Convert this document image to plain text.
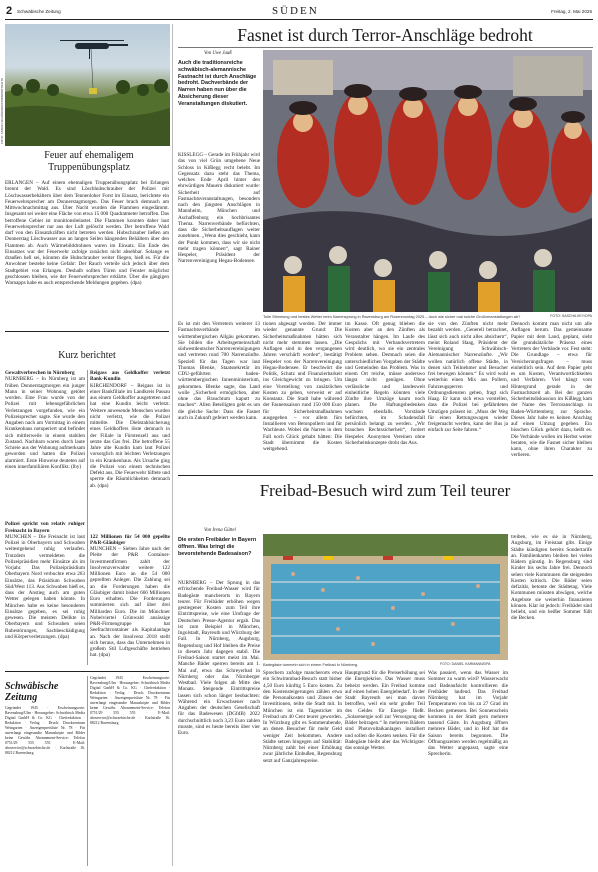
2 Schwäbische Zeitung	SÜDEN	Freitag, 2. Mai 2025
FOTO: FABIAN SCHÖNDIENST/BWPORTRAITS
Feuer auf ehemaligem Truppenübungsplatz
ERLANGEN – Auf einem ehemaligen Truppenübungsplatz bei Erlangen brennt der Wald. Es sind Löschhubschrauber der Polizei mit Löschwasserbehältern über dem Tennenloher Forst im Einsatz, berichtete ein Feuerwehrsprecher am Donnerstagmorgen. Das Feuer brach demnach am Mittwochnachmittag aus. Über Nacht wurden die Flammen eingedämmt. Insgesamt sei weiter eine Fläche von etwa 15 000 Quadratmeter betroffen. Das betroffene Gebiet ist munitionsbelastet. Die Flammen konnten daher laut Feuerwehrsprecher nur aus der Luft gelöscht werden. Der betroffene Wald darf von den Einsatzkräften nicht betreten werden. Hubschrauber ließen am Donnerstag Löschwasser aus an langen Seilen hängenden Behältern über den Flammen ab. Auch Wärmebilddrohnen waren im Einsatz. Ein Ende des Einsatzes war der Feuerwehr zufolge zunächst nicht absehbar. Solange es draußen hell sei, könnten die Hubschrauber weiter fliegen, hieß es. Für die Anwohner bestehe keine Gefahr: Der Rauch verteile sich jedoch über dem Stadtgebiet von Erlangen. Deshalb sollten Türen und Fenster möglichst geschlossen bleiben, wie der Feuerwehrsprecher erklärte. Über die gängigen Warnapps habe es auch entsprechende Meldungen gegeben. (dpa)
Kurz berichtet
Gewaltverbrechen in Nürnberg
NÜRNBERG – In Nürnberg ist am frühen Donnerstagmorgen ein junger Mann in seiner Wohnung getötet worden. Eine Frau wurde von der Polizei mit lebensgefährlichen Verletzungen vorgefunden, wie ein Polizeisprecher sagte. Sie wurde den Angaben nach am Vormittag in einem Krankenhaus notoperiert und befindet sich mittlerweile in einem stabilen Zustand. Nachbarn waren durch laute Schreie aus der Wohnung aufmerksam geworden und hatten die Polizei alarmiert. Erste Hinweise deuteten auf einen innerfamiliären Konflikt. (lby)
Polizei spricht von relativ ruhiger Freinacht in Bayern
MÜNCHEN – Die Freinacht ist laut Polizei in Oberbayern und Schwaben weitestgehend ruhig verlaufen. Trotzdem vermeldeten die Polizeipräsidien mehr Einsätze als im Vorjahr. Das Polizeipräsidium Oberbayern Nord verbuchte etwa 263 Einsätze, das Präsidium Schwaben Süd/West 113. Aus Schwaben hieß es, dass der Anstieg auch am guten Wetter gelegen haben könnte. In München habe es keine besonderen Einsätze gegeben, es sei ruhig gewesen. Die meisten Delikte in Oberbayern und Schwaben seien Ruhestörungen, Sachbeschädigung und Körperverletzungen. (dpa)
Reigass aus Geldkoffer verletzt Bank-Kundin
KIRCHENDORF – Reigass ist in einer Bankfiliale im Landkreis Passau aus einem Geldkoffer ausgetreten und hat eine Kundin leicht verletzt. Weitere anwesende Menschen wurden nicht verletzt, wie die Polizei mitteilte. Die Diebstahlsicherung eines Geldkoffers löste demnach in der Filiale in Fürstenzell aus und setzte das Gas frei. Die betroffene 55 Jahre alte Kundin kam laut Polizei vorsorglich mit leichten Verletzungen in ein Krankenhaus. Als Ursache ging die Polizei von einem technischen Defekt aus. Die Feuerwehr lüftete und sperrte die Räumlichkeiten demnach ab. (dpa)
122 Millionen für 54 000 gepellte P&R-Gläubiger
MÜNCHEN – Sieben Jahre nach der Pleite der P&R Container-Investmentfirmen zahlt der Insolvenzverwalter weitere 122 Millionen Euro an die 54 000 geprellten Anleger. Die Zahlung sei an die Forderungen haben die Gläubiger damit bisher 666 Millionen Euro erhalten. Die Forderungen summierten sich auf über drei Milliarden Euro. Die im Münchner Nobelviertel Grünwald ansässige P&R-Firmengruppe hat Seefrachtcontainer als Kapitalanlage an. Nach der Insolvenz 2018 stellt sich heraus, dass das Unternehmen in großem Stil Luftgeschäfte betrieben hat. (dpa)
Schwäbische Zeitung
Gegründet 1945 · Erscheinungsorte: Ravensburg/Ulm · Herausgeber: Schwäbisch Media Digital GmbH & Co. KG · Chefredaktion · Redaktion · Verlag · Druck: Druckzentrum Weingarten · Anzeigenpreisliste Nr. 78 · Für unverlangt eingesandte Manuskripte und Bilder keine Gewähr. Abonnement-Service: Telefon 0751/29 555 555 · E-Mail: aboservice@schwaebische.de · Karlstraße 16, 88212 Ravensburg
Gegründet 1945 · Erscheinungsorte: Ravensburg/Ulm · Herausgeber: Schwäbisch Media Digital GmbH & Co. KG · Chefredaktion · Redaktion · Verlag · Druck: Druckzentrum Weingarten · Anzeigenpreisliste Nr. 78 · Für unverlangt eingesandte Manuskripte und Bilder keine Gewähr. Abonnement-Service: Telefon 0751/29 555 555 · E-Mail: aboservice@schwaebische.de · Karlstraße 16, 88212 Ravensburg
Fasnet ist durch Terror-Anschläge bedroht
Von Uwe Jauß
Auch die traditionsreiche schwäbisch-alemannische Fastnacht ist durch Anschläge bedroht. Dachverbände der Narren haben nun über die Absicherung dieser Veranstaltungen diskutiert.
KISSLEGG – Gerade im Frühjahr wird das von viel Grün umgebene Neue Schloss in Kißlegg recht belebt. Im Gegensatz dazu steht das Thema, welches Ende April hinter den ehrwürdigen Mauern diskutiert wurde: Sicherheit auf Fastnachtsveranstaltungen, besonders nach den jüngsten Anschlägen in Mannheim, München und Aschaffenburg ein hochbrisantes Thema. Narrenverbände befürchten, dass die Sicherheitsauflagen weiter zunehmen. „Wenn dies geschieht, kann der Punkt kommen, dass wir sie nicht mehr tragen können“, sagt Rainer Hespeler, Präsident der Narrenvereinigung Hegau-Bodensee.
Tolle Stimmung und bestes Wetter beim Narrensprung in Ravensburg am Rosenmontag 2025 – doch wie sicher mal solche Großveranstaltungen ab?	FOTO: SASCHA KEY/DPA
Es ist mit den Vertretern weiterer 13 Fastnachtsverbände im württembergischen Allgäu gekommen. Sie bilden die Arbeitsgemeinschaft südwestdeutscher Narrenvereinigungen und vertreten rund 700 Narrenzünfte. Speziell für das Tagen war laut Thomas Blenke, Staatssekretär im CDU-geführten baden-württembergischen Innenministerium, gekommen. Blenke sagte, das Land wolle „Sicherheit ermöglichen, aber ohne das Brauchtum kaputt zu machen“. Allen Beteiligten geht es um die gleiche Sache: Dass die Fasnet auch in Zukunft gefeiert werden kann.
tionen abgesagt worden. Der immer wieder genannte Grund: Die Sicherheitsmaßnahmen hätten sich nicht mehr stemmen lassen. „Die Auflagen sind in den vergangenen Jahren verschärft worden“, bestätigt Hespeler von der Narrenvereinigung Hegau-Bodensee. Er beschwört die Politik, Schutz und Finanzierbarkeit ins Gleichgewicht zu bringen. Um eine Vorstellung von zusätzlichen Kosten zu geben, verweist er auf Konstanz. Die Stadt habe während der Fasnetssaison rund 150 000 Euro für Sicherheitsmaßnahmen ausgegeben – vor allem fürs Installieren von Betonpollern und für Wachleute. Wobei die Narren in dem Fall noch Glück gehabt hätten: Die Stadt übernimmt die Kosten weitgehend.
im Kasse. Oft genug blieben die Kosten aber an den Zünften als Veranstalter hängen. Im Laufe des Gesprächs mit Verbandsvertretern wird deutlich, wo sie ein zentrales Problem sehen. Demnach seien die unterschiedlichen Vorgaben der Städte und Gemeinden das Problem. Was in einem Ort reiche, müsse anderswo längst nicht genügen. Ohne verlässliche und landesweit einheitliche Regeln könnten viele Zünfte ihre Umzüge kaum noch planen. Die Haftungsbedenken wachsen ebenfalls. Vorstände befürchten, im Schadensfall persönlich belangt zu werden. „Wir brauchen Rechtssicherheit“, fordert Hespeler. Anonymen Vereinen ohne Sicherheitskonzepte droht das Aus.
sie von den Zünften nicht mehr bezahlt werden. „Generell betrachtet, lässt sich auch nicht alles absichern“, meint Roland Haag, Präsident der Vereinigung Schwäbisch-Alemannischer Narrenzünfte. „Wir wollen natürlich offene Städte, in denen sich Teilnehmer und Besucher frei bewegen können.“ Es wird wohl weiterhin einen Mix aus Pollern, Fahrzeugsperren und Ordnungsdiensten geben, fragt sich Haag. Er kann sich etwa vorstellen, dass die Polizei bei gefährdeten Umzügen präsent ist. „Muss der Weg für einen Rettungswagen wieder freigemacht werden, kann der Bus ja einfach zur Seite fahren.“
Dennoch kommt man nicht um alle Auflagen herum. Das gemeinsame Papier mit dem Land, geplant, sieht die grundsätzliche Präsenz eines Vertreters der Verbände vor. Fest steht: Die Grundlage – etwa für Versicherungsfragen – muss einheitlich sein. Auf dem Papier geht es um Kosten, Verantwortlichkeiten und Verfahren. Viel hängt vom Hintergrund gerade in der Fastnachtszeit ab. Bei der ganzen Sicherheitsdiskussion im Kißlegg kam der Name des Terroranschlags in Baden-Württemberg zur Sprache. Dieses Jahr habe es keinen Anschlag auf einen Umzug gegeben. Ein bisschen Glück gehört dazu, heißt es. Die Verbände wollen im Herbst weiter beraten, wie die Fasnet sicher bleiben kann, ohne ihren Charakter zu verlieren.
Freibad-Besuch wird zum Teil teurer
Von Irena Güttel
Die ersten Freibäder in Bayern öffnen. Was bringt die bevorstehende Badesaison?
NÜRNBERG – Der Sprung in das erfrischende Freibad-Wasser wird für Badegäste mancherorts in Bayern teurer. Für Freibäder erhöhen wegen gestiegener Kosten zum Teil ihre Eintrittspreise, wie eine Umfrage der Deutschen Presse-Agentur ergab. Das ist zum Beispiel in München, Ingolstadt, Bayreuth und Würzburg der Fall. In Nürnberg, Augsburg, Regensburg und Hof bleiben die Preise in diesem Jahr dagegen stabil. Die Freibad-Saison startet meist im Mai. Manche Bäder sperren bereits am 1. Mai auf, etwa das Schreyerbad in Nürnberg oder das Nürnberger Westbad. Viele folgen ab Mitte des Monats. Steigende Eintrittspreise lassen sich schon länger beobachten: Während ein Erwachsener nach Angaben der deutschen Gesellschaft für das Badewesen (DGfdB) 2022 durchschnittlich noch 3,23 Euro zahlen musste, sind es heute bereits über vier Euro.
Badegäste tummeln sich in einem Freibad in Nürnberg.	FOTO: DANIEL KARMANN/DPA
Sprechern zufolge mancherorts etwa ein Schwimmbad-Besuch statt bisher 4,50 Euro künftig 5 Euro kosten. Zu den Kostensteigerungen zählen etwa die Personalkosten und Zinsen der Investitionen, teilte die Stadt mit. In München ist ein Tagesticket im Freibad um 40 Cent teurer geworden. In Würzburg gibt es Sommerabende, an denen Besucher für mehr Geld weniger Zeit bekommen. Andere Städte setzen hingegen auf Stabilität: Nürnberg zahlt bei einer Erhöhung zwar jährliche Einbußen, Regensburg setzt auf Ganzjahrespreise.
Hauptgrund für die Preiserhöhung sei die Energiekrise. Das Wasser muss beheizt werden. Ein Freibad komme auf einen hohen Energiebedarf. In der Stadt Bayreuth sei man davon betroffen, weil ein sehr großer Teil des Geldes für Energie fließt. „Solarenergie soll zur Versorgung der Bäder beitragen.“ In mehreren Bädern sind Photovoltaikanlagen installiert und sollen die Kosten senken. Für die Badegäste bleibt aber das Wichtigste: das sonnige Wetter.
Was passiert, wenn das Wasser im Sommer zu warm wird? Wasserwacht und Badeaufsicht kontrollieren die Freibäder laufend. Das Freibad Nürnberg hat im Vorjahr Temperaturen von bis zu 27 Grad im Becken gemessen. Bei Sonnenschein kommen in der Stadt gern mehrere tausend Gäste. In Augsburg öffnen mehrere Bäder, und in Hof hat die Saison bereits begonnen. Die Öffnungszeiten werden regelmäßig an das Wetter angepasst, sagte eine Sprecherin.
treiben, wie es sie in Nürnberg, Augsburg, im Freistaat gibt. Einige Städte kündigten bereits Sondertarife an. Familienkarten bleiben bei vielen Bädern günstig. In Regensburg sind Kinder bis sechs Jahre frei. Dennoch sehen viele Kommunen die steigenden Kosten kritisch. Die Bäder seien defizitär, betonte der Städtetag. Viele Kommunen müssten abwägen, welche Angebote sie weiterhin finanzieren können. Klar ist jedoch: Freibäder sind beliebt, und ein heißer Sommer füllt die Becken.
